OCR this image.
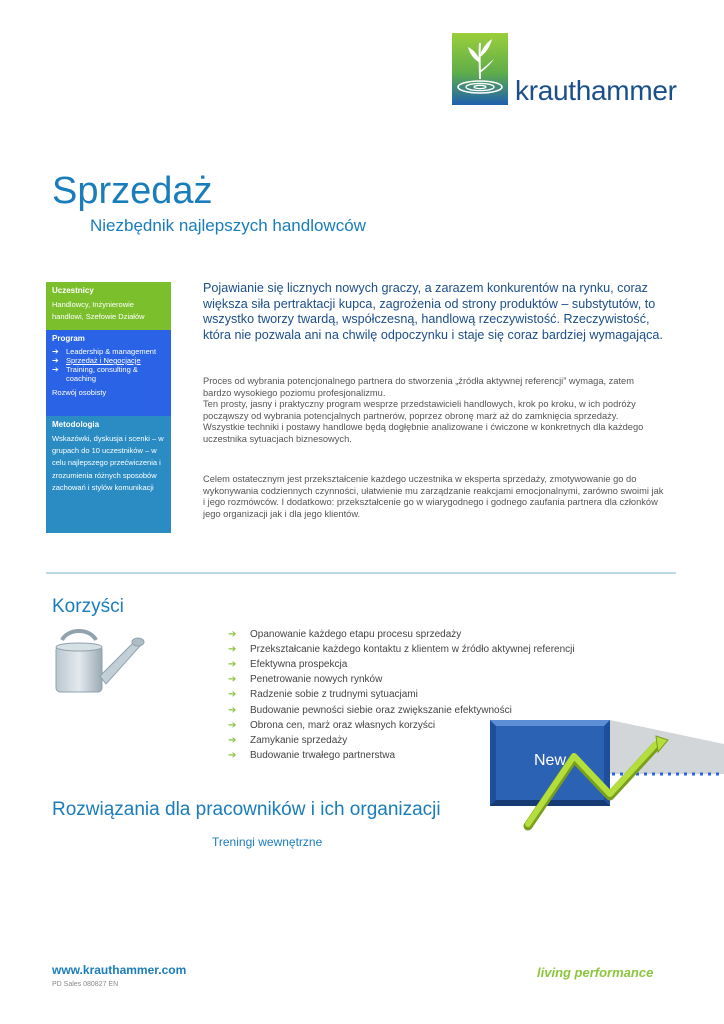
krauthammer
Sprzedaż
Niezbędnik najlepszych handlowców
Uczestnicy
Handlowcy, Inżynierowie handlowi, Szefowie Działów
Program
➔ Leadership & management
➔ Sprzedaż i Negocjacje
➔ Training, consulting & coaching
Rozwój osobisty
Metodologia
Wskazówki, dyskusja i scenki – w grupach do 10 uczestników – w celu najlepszego przećwiczenia i zrozumienia różnych sposobów zachowań i stylów komunikacji

Pojawianie się licznych nowych graczy, a zarazem konkurentów na rynku, coraz większa siła pertraktacji kupca, zagrożenia od strony produktów – substytutów, to wszystko tworzy twardą, współczesną, handlową rzeczywistość. Rzeczywistość, która nie pozwala ani na chwilę odpoczynku i staje się coraz bardziej wymagająca.

Proces od wybrania potencjonalnego partnera do stworzenia „źródła aktywnej referencji” wymaga, zatem bardzo wysokiego poziomu profesjonalizmu.
Ten prosty, jasny i praktyczny program wesprze przedstawicieli handlowych, krok po kroku, w ich podróży począwszy od wybrania potencjalnych partnerów, poprzez obronę marż aż do zamknięcia sprzedaży.
Wszystkie techniki i postawy handlowe będą dogłębnie analizowane i ćwiczone w konkretnych dla każdego uczestnika sytuacjach biznesowych.

Celem ostatecznym jest przekształcenie każdego uczestnika w eksperta sprzedaży, zmotywowanie go do wykonywania codziennych czynności, ułatwienie mu zarządzanie reakcjami emocjonalnymi, zarówno swoimi jak i jego rozmówców. I dodatkowo: przekształcenie go w wiarygodnego i godnego zaufania partnera dla członków jego organizacji jak i dla jego klientów.

Korzyści
➔	Opanowanie każdego etapu procesu sprzedaży
➔	Przekształcanie każdego kontaktu z klientem w źródło aktywnej referencji
➔	Efektywna prospekcja
➔	Penetrowanie nowych rynków
➔	Radzenie sobie z trudnymi sytuacjami
➔	Budowanie pewności siebie oraz zwiększanie efektywności
➔	Obrona cen, marż oraz własnych korzyści
➔	Zamykanie sprzedaży
➔	Budowanie trwałego partnerstwa	New
Rozwiązania dla pracowników i ich organizacji
Treningi wewnętrzne
www.krauthammer.com
PD Sales 080827 EN
living performance
